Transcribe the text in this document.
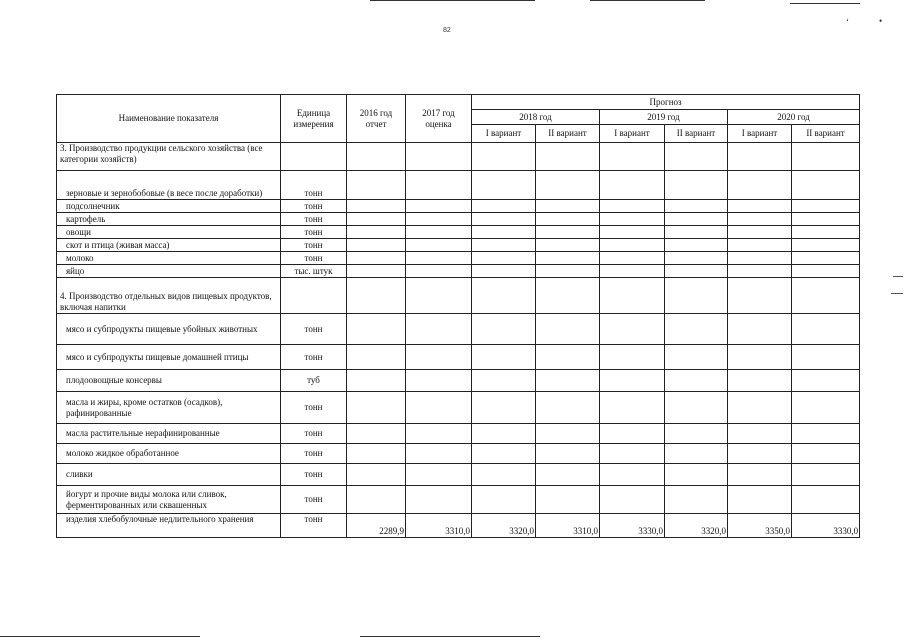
ʻ	•
82
Наименование показателя	Единица измерения	2016 год отчет	2017 год оценка	Прогноз					
				2018 год		2019 год		2020 год	
				I вариант	II вариант	I вариант	II вариант	I вариант	II вариант
3. Производство продукции сельского хозяйства (все категории хозяйств)									
зерновые и зернобобовые (в весе после доработки)	тонн								
подсолнечник	тонн								
картофель	тонн								
овощи	тонн								
скот и птица (живая масса)	тонн								
молоко	тонн								
яйцо	тыс. штук								
4. Производство отдельных видов пищевых продуктов, включая напитки									
мясо и субпродукты пищевые убойных животных	тонн								
мясо и субпродукты пищевые домашней птицы	тонн								
плодоовощные консервы	туб								
масла и жиры, кроме остатков (осадков), рафинированные	тонн								
масла растительные нерафинированные	тонн								
молоко жидкое обработанное	тонн								
сливки	тонн								
йогурт и прочие виды молока или сливок, ферментированных или сквашенных	тонн								
изделия хлебобулочные недлительного хранения	тонн	2289,9	3310,0	3320,0	3310,0	3330,0	3320,0	3350,0	3330,0
